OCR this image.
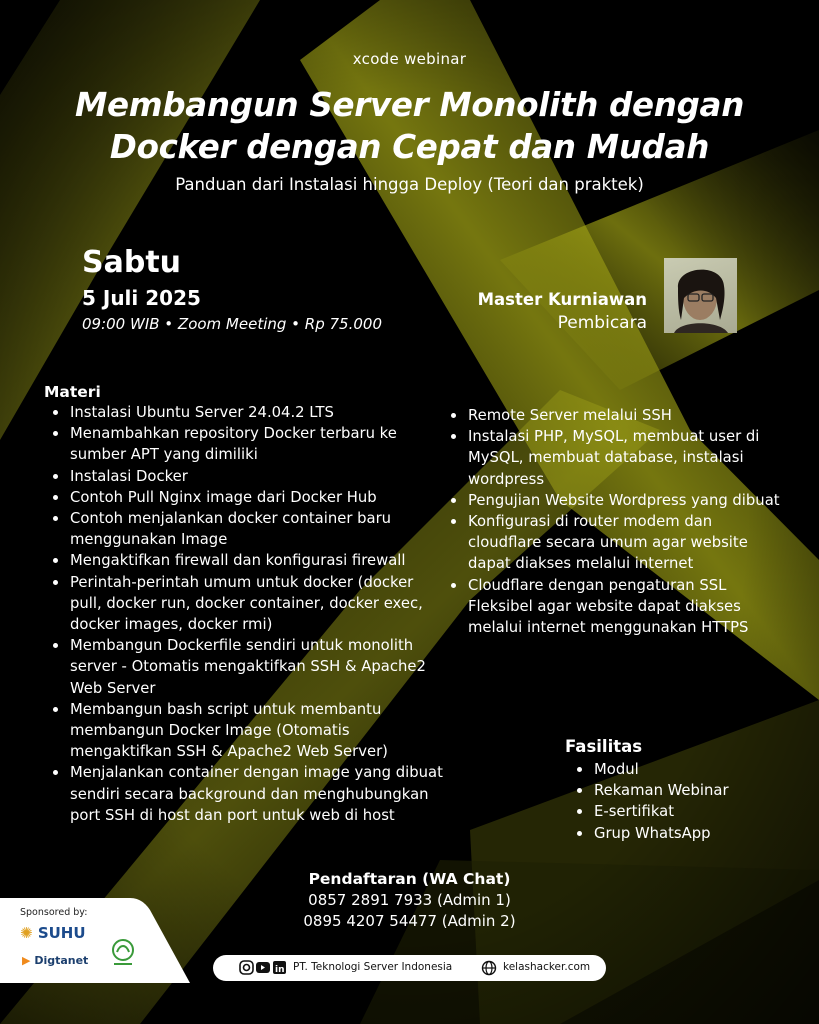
xcode webinar
Membangun Server Monolith dengan
Docker dengan Cepat dan Mudah
Panduan dari Instalasi hingga Deploy (Teori dan praktek)
Sabtu
5 Juli 2025
09:00 WIB • Zoom Meeting • Rp 75.000
Master Kurniawan
Pembicara
Materi
Instalasi Ubuntu Server 24.04.2 LTS
Menambahkan repository Docker terbaru ke sumber APT yang dimiliki
Instalasi Docker
Contoh Pull Nginx image dari Docker Hub
Contoh menjalankan docker container baru menggunakan Image
Mengaktifkan firewall dan konfigurasi firewall
Perintah-perintah umum untuk docker (docker pull, docker run, docker container, docker exec, docker images, docker rmi)
Membangun Dockerfile sendiri untuk monolith server - Otomatis mengaktifkan SSH & Apache2 Web Server
Membangun bash script untuk membantu membangun Docker Image (Otomatis mengaktifkan SSH & Apache2 Web Server)
Menjalankan container dengan image yang dibuat sendiri secara background dan menghubungkan port SSH di host dan port untuk web di host
Remote Server melalui SSH
Instalasi PHP, MySQL, membuat user di MySQL, membuat database, instalasi wordpress
Pengujian Website Wordpress yang dibuat
Konfigurasi di router modem dan cloudflare secara umum agar website dapat diakses melalui internet
Cloudflare dengan pengaturan SSL Fleksibel agar website dapat diakses melalui internet menggunakan HTTPS
Fasilitas
Modul
Rekaman Webinar
E-sertifikat
Grup WhatsApp
Pendaftaran (WA Chat)
0857 2891 7933 (Admin 1)
0895 4207 54477 (Admin 2)
Sponsored by:
✺ SUHU
▶ Digtanet
in PT. Teknologi Server Indonesia	kelashacker.com
